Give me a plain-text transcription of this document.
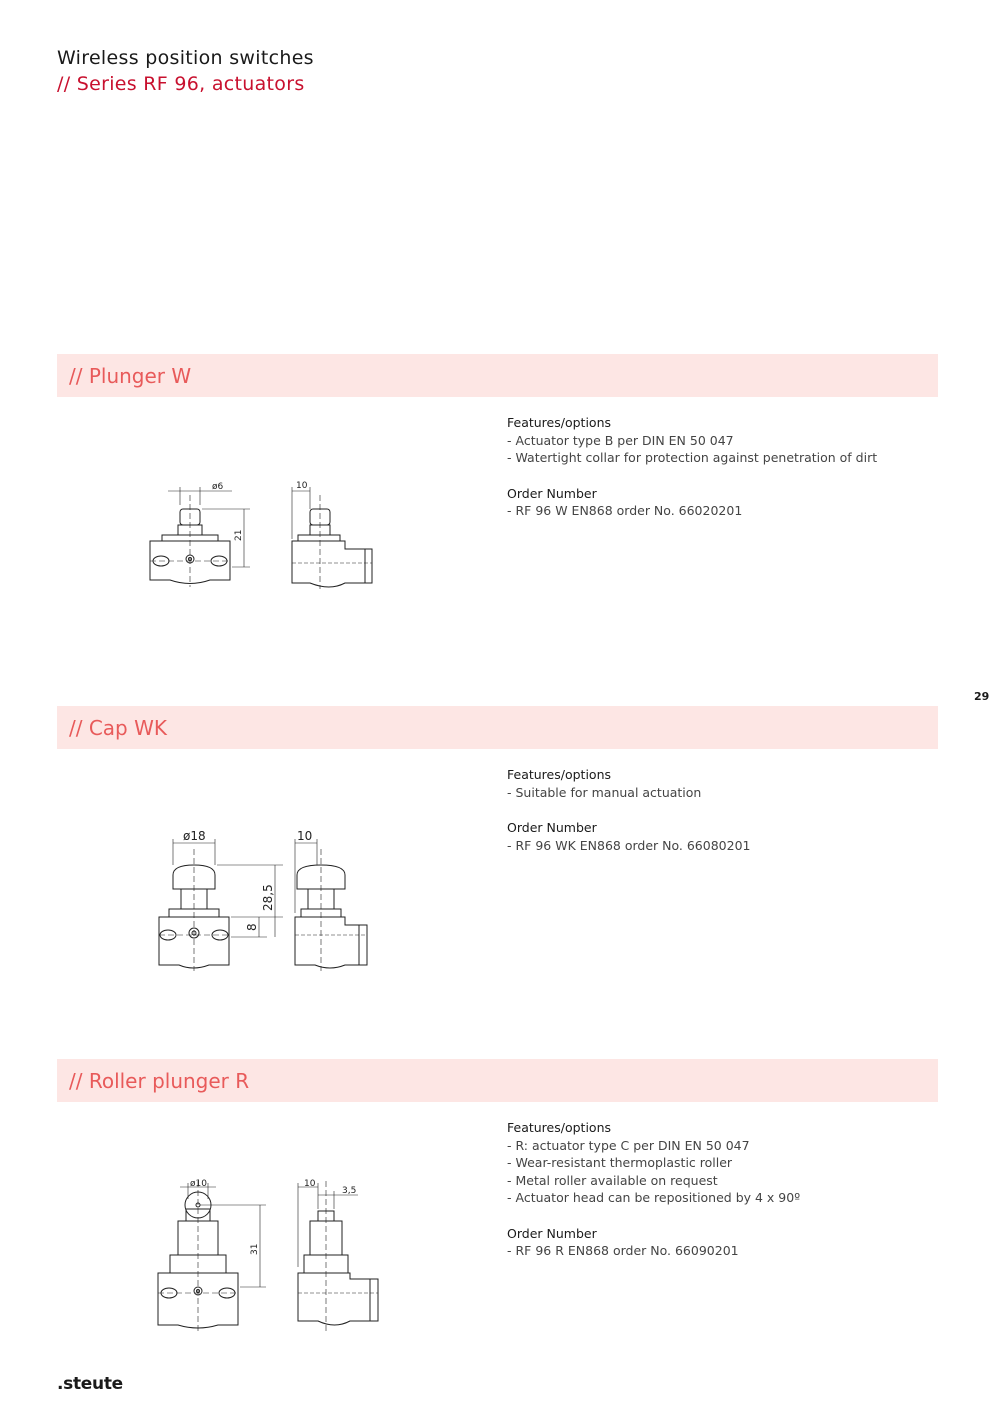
Wireless position switches
// Series RF 96, actuators
// Plunger W
Features/options
- Actuator type B per DIN EN 50 047
- Watertight collar for protection against penetration of dirt
Order Number
- RF 96 W EN868 order No. 66020201
ø6
21
10
// Cap WK
Features/options
- Suitable for manual actuation
Order Number
- RF 96 WK EN868 order No. 66080201
ø18
28,5
8
10
// Roller plunger R
Features/options
- R: actuator type C per DIN EN 50 047
- Wear-resistant thermoplastic roller
- Metal roller available on request
- Actuator head can be repositioned by 4 x 90º
Order Number
- RF 96 R EN868 order No. 66090201
ø10
31
10
3,5
29
.steute
